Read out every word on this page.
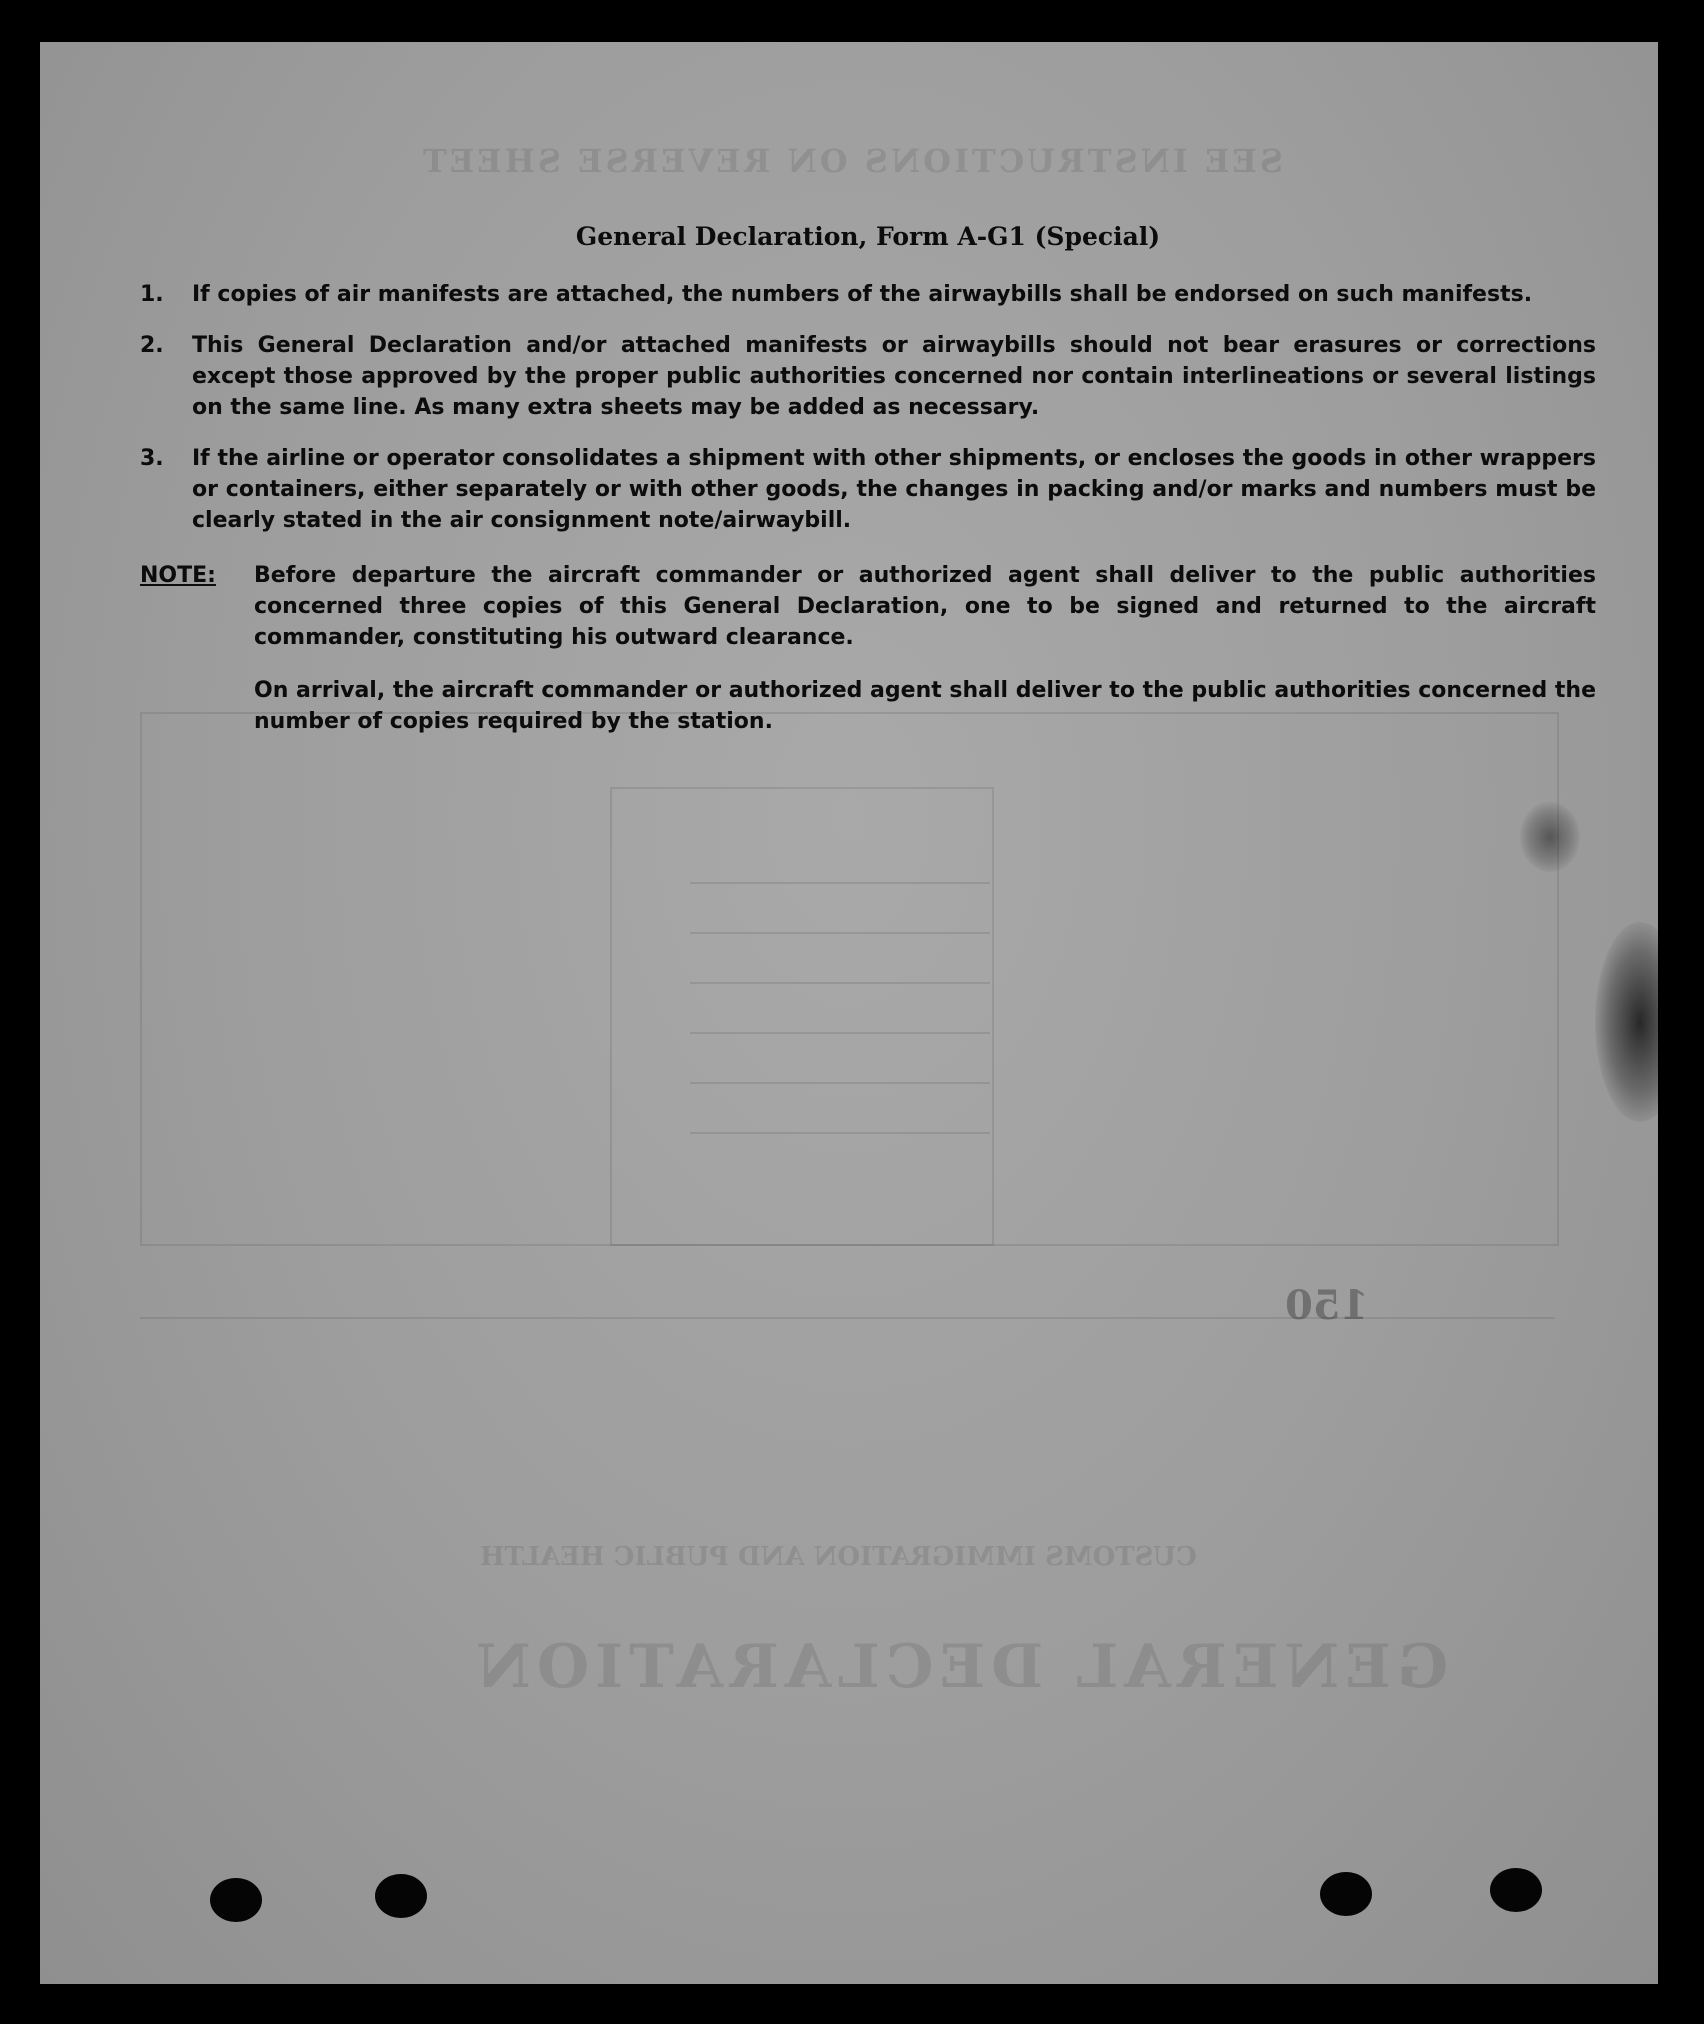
GENERAL DECLARATION
CUSTOMS IMMIGRATION AND PUBLIC HEALTH
SEE INSTRUCTIONS ON REVERSE SHEET
150
General Declaration, Form A-G1 (Special)
1.	If copies of air manifests are attached, the numbers of the airwaybills shall be endorsed on such manifests.
2.	This General Declaration and/or attached manifests or airwaybills should not bear erasures or corrections except those approved by the proper public authorities concerned nor contain interlineations or several listings on the same line. As many extra sheets may be added as necessary.
3.	If the airline or operator consolidates a shipment with other shipments, or encloses the goods in other wrappers or containers, either separately or with other goods, the changes in packing and/or marks and numbers must be clearly stated in the air consignment note/airwaybill.
NOTE:	Before departure the aircraft commander or authorized agent shall deliver to the public authorities concerned three copies of this General Declaration, one to be signed and returned to the aircraft commander, constituting his outward clearance.
On arrival, the aircraft commander or authorized agent shall deliver to the public authorities concerned the number of copies required by the station.
